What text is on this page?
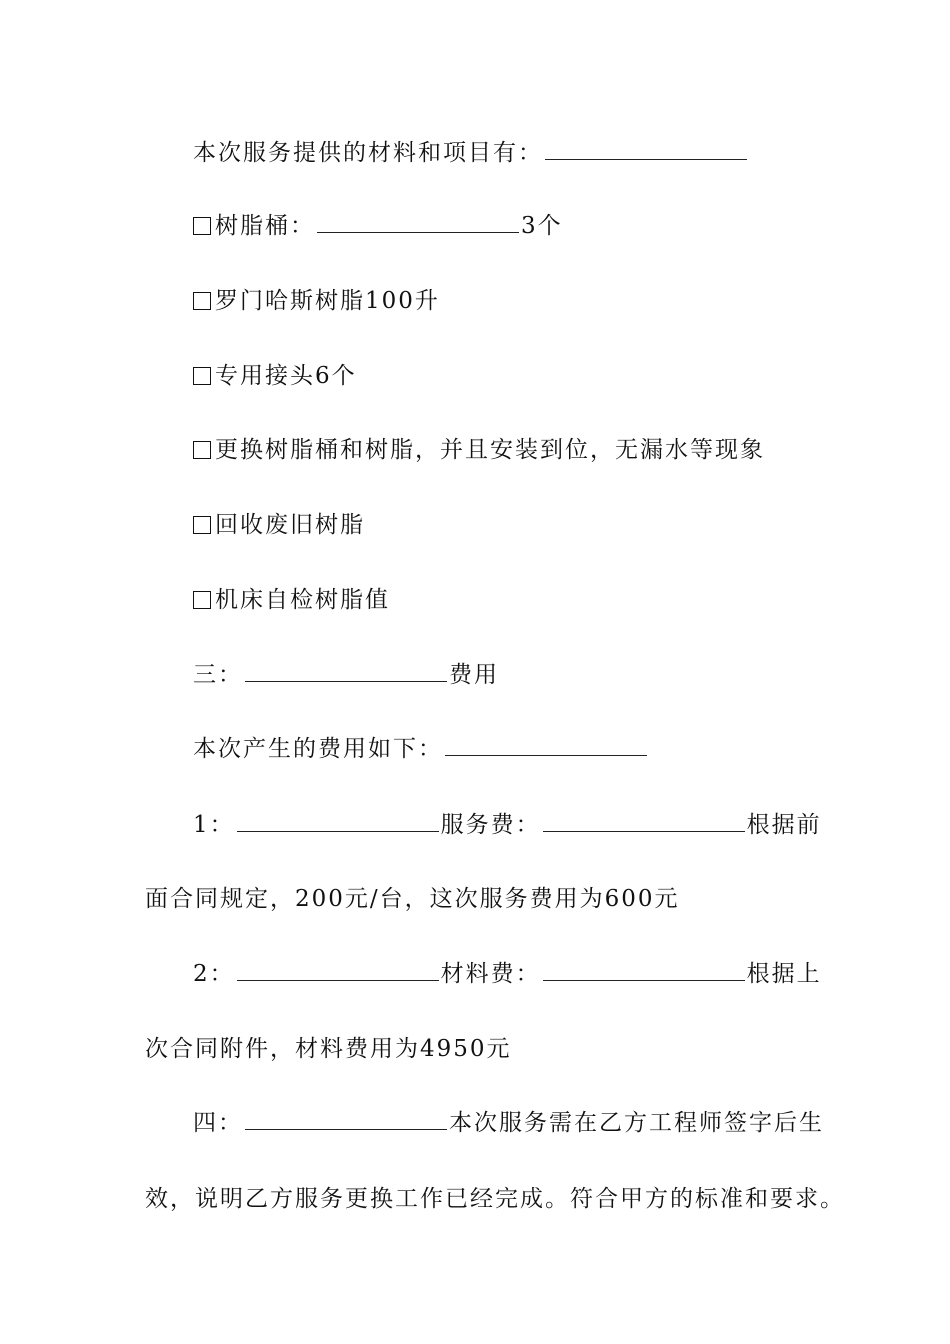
本次服务提供的材料和项目有：
树脂桶：	3个
罗门哈斯树脂100升
专用接头6个
更换树脂桶和树脂，并且安装到位，无漏水等现象
回收废旧树脂
机床自检树脂值
三：	费用
本次产生的费用如下：
1：	服务费：	根据前
面合同规定，200元/台，这次服务费用为600元
2：	材料费：	根据上
次合同附件，材料费用为4950元
四：	本次服务需在乙方工程师签字后生
效，说明乙方服务更换工作已经完成。符合甲方的标准和要求。
